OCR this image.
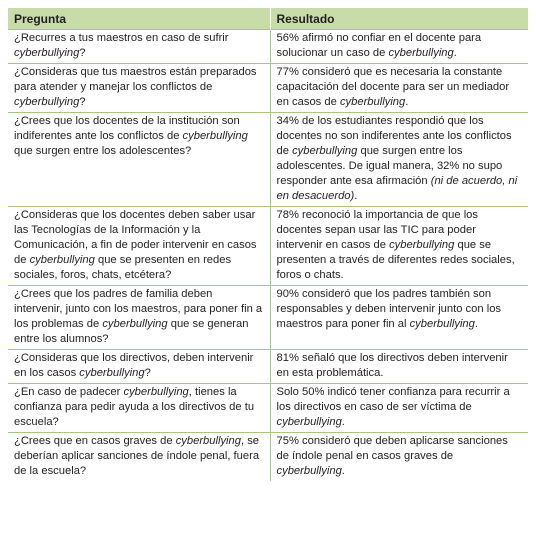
Pregunta	Resultado
¿Recurres a tus maestros en caso de sufrir cyberbullying?	56% afirmó no confiar en el docente para solucionar un caso de cyberbullying.
¿Consideras que tus maestros están preparados para atender y manejar los conflictos de cyberbullying?	77% consideró que es necesaria la constante capacitación del docente para ser un mediador en casos de cyberbullying.
¿Crees que los docentes de la institución son indiferentes ante los conflictos de cyberbullying que surgen entre los adolescentes?	34% de los estudiantes respondió que los docentes no son indiferentes ante los conflictos de cyberbullying que surgen entre los adolescentes. De igual manera, 32% no supo responder ante esa afirmación (ni de acuerdo, ni en desacuerdo).
¿Consideras que los docentes deben saber usar las Tecnologías de la Información y la Comunicación, a fin de poder intervenir en casos de cyberbullying que se presenten en redes sociales, foros, chats, etcétera?	78% reconoció la importancia de que los docentes sepan usar las TIC para poder intervenir en casos de cyberbullying que se presenten a través de diferentes redes sociales, foros o chats.
¿Crees que los padres de familia deben intervenir, junto con los maestros, para poner fin a los problemas de cyberbullying que se generan entre los alumnos?	90% consideró que los padres también son responsables y deben intervenir junto con los maestros para poner fin al cyberbullying.
¿Consideras que los directivos, deben intervenir en los casos cyberbullying?	81% señaló que los directivos deben intervenir en esta problemática.
¿En caso de padecer cyberbullying, tienes la confianza para pedir ayuda a los directivos de tu escuela?	Solo 50% indicó tener confianza para recurrir a los directivos en caso de ser víctima de cyberbullying.
¿Crees que en casos graves de cyberbullying, se deberían aplicar sanciones de índole penal, fuera de la escuela?	75% consideró que deben aplicarse sanciones de índole penal en casos graves de cyberbullying.
